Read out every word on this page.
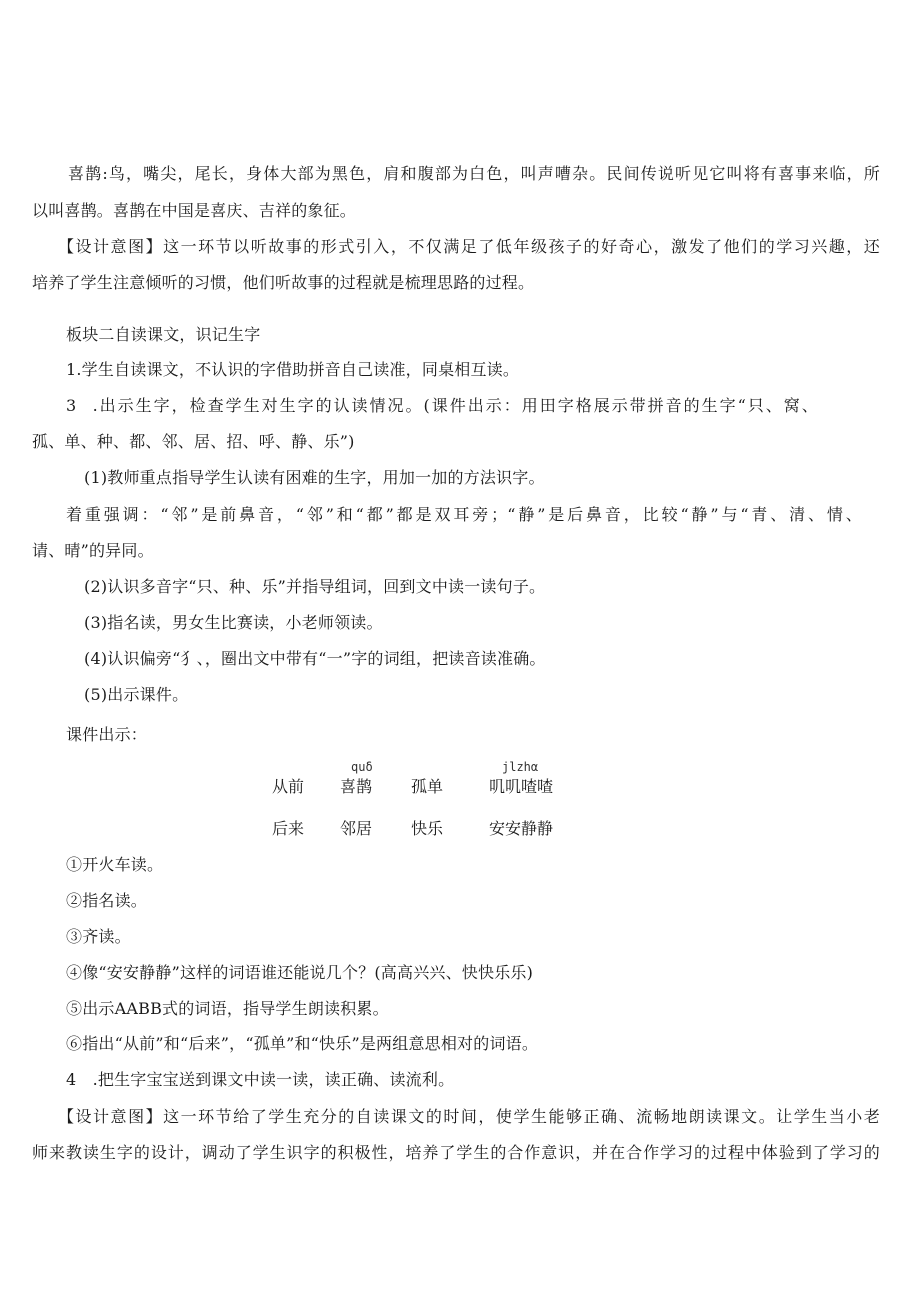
喜鹊:鸟，嘴尖，尾长，身体大部为黑色，肩和腹部为白色，叫声嘈杂。民间传说听见它叫将有喜事来临，所
以叫喜鹊。喜鹊在中国是喜庆、吉祥的象征。
【设计意图】这一环节以听故事的形式引入，不仅满足了低年级孩子的好奇心，激发了他们的学习兴趣，还
培养了学生注意倾听的习惯，他们听故事的过程就是梳理思路的过程。
板块二自读课文，识记生字
1.学生自读课文，不认识的字借助拼音自己读准，同桌相互读。
3 .出示生字，检查学生对生字的认读情况。(课件出示：用田字格展示带拼音的生字“只、窝、
孤、单、种、都、邻、居、招、呼、静、乐”)
(1)教师重点指导学生认读有困难的生字，用加一加的方法识字。
着重强调：“邻”是前鼻音，“邻”和“都”都是双耳旁；“静”是后鼻音，比较“静”与“青、清、情、
请、晴”的异同。
(2)认识多音字“只、种、乐”并指导组词，回到文中读一读句子。
(3)指名读，男女生比赛读，小老师领读。
(4)认识偏旁“犭、，圈出文中带有“一”字的词组，把读音读准确。
(5)出示课件。
课件出示：
quδ	jlzhα
从前 喜鹊 孤单	叽叽喳喳
后来 邻居 快乐	安安静静
①开火车读。
②指名读。
③齐读。
④像“安安静静”这样的词语谁还能说几个？(高高兴兴、快快乐乐)
⑤出示AABB式的词语，指导学生朗读积累。
⑥指出“从前”和“后来”，“孤单”和“快乐”是两组意思相对的词语。
4 .把生字宝宝送到课文中读一读，读正确、读流利。
【设计意图】这一环节给了学生充分的自读课文的时间，使学生能够正确、流畅地朗读课文。让学生当小老
师来教读生字的设计，调动了学生识字的积极性，培养了学生的合作意识，并在合作学习的过程中体验到了学习的
